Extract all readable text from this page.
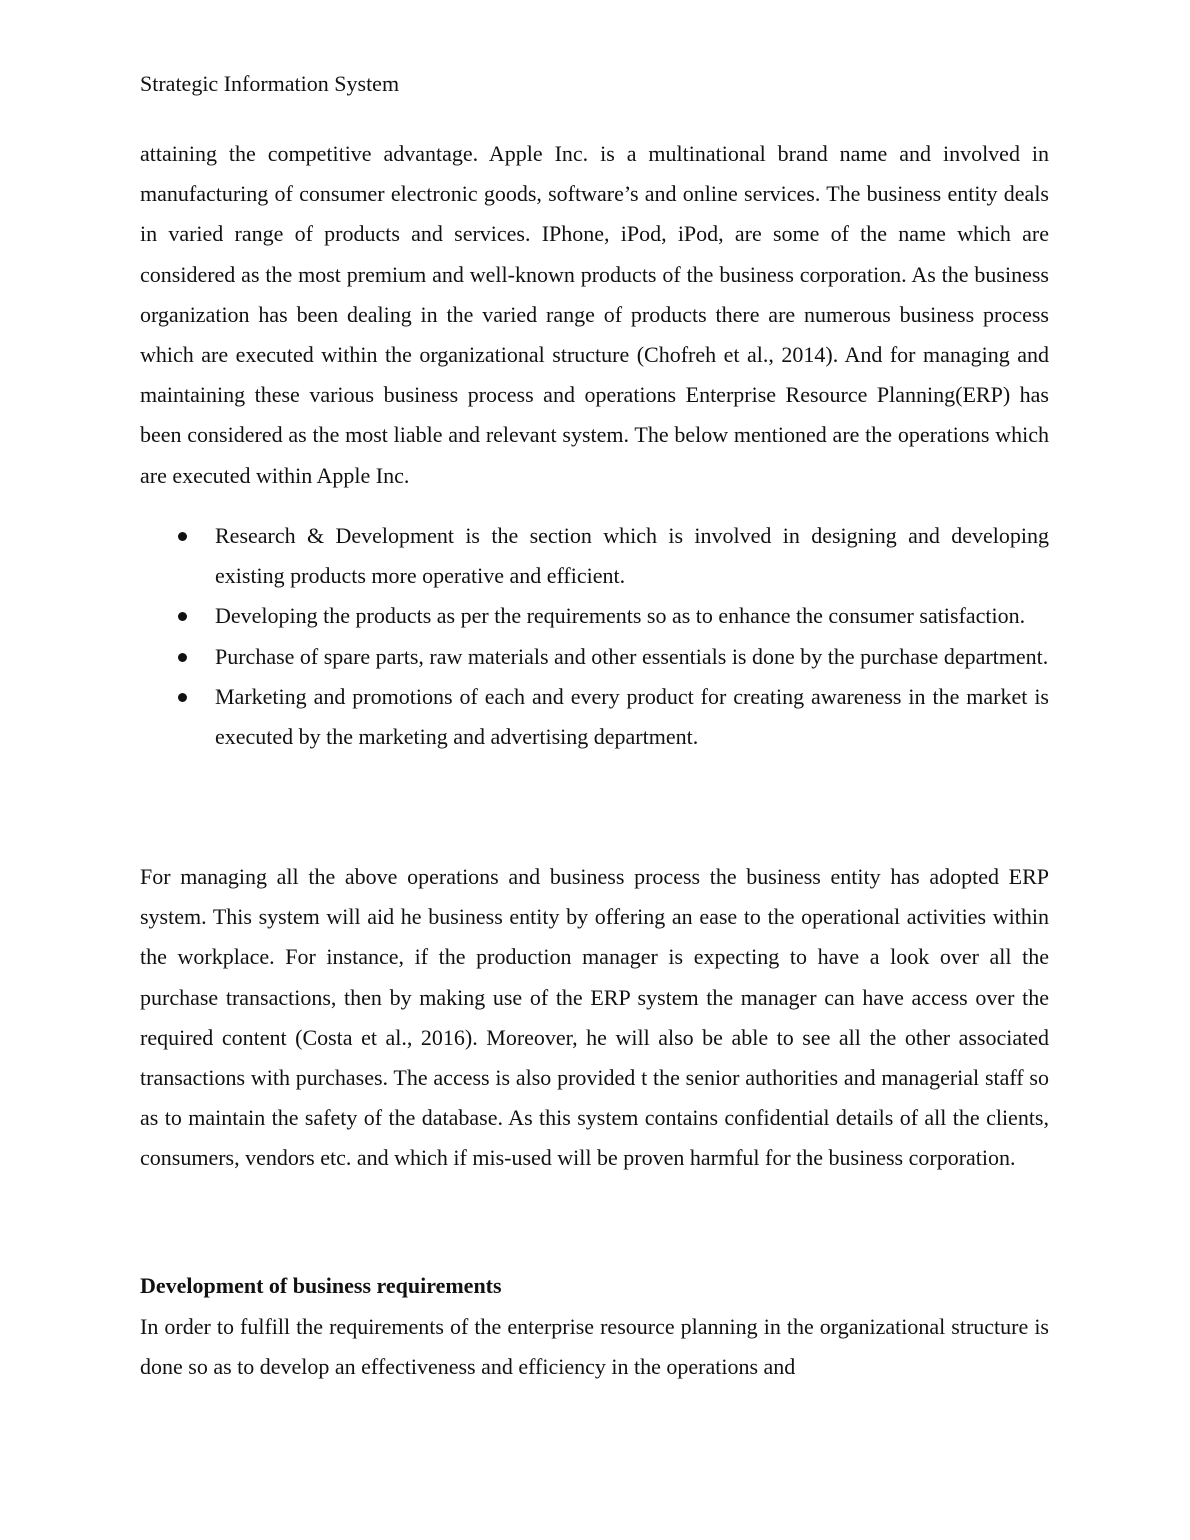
Strategic Information System

attaining the competitive advantage. Apple Inc. is a multinational brand name and involved in manufacturing of consumer electronic goods, software’s and online services. The business entity deals in varied range of products and services. IPhone, iPod, iPod, are some of the name which are considered as the most premium and well-known products of the business corporation. As the business organization has been dealing in the varied range of products there are numerous business process which are executed within the organizational structure (Chofreh et al., 2014). And for managing and maintaining these various business process and operations Enterprise Resource Planning(ERP) has been considered as the most liable and relevant system. The below mentioned are the operations which are executed within Apple Inc.

Research & Development is the section which is involved in designing and developing existing products more operative and efficient.
Developing the products as per the requirements so as to enhance the consumer satisfaction.
Purchase of spare parts, raw materials and other essentials is done by the purchase department.
Marketing and promotions of each and every product for creating awareness in the market is executed by the marketing and advertising department.

For managing all the above operations and business process the business entity has adopted ERP system. This system will aid he business entity by offering an ease to the operational activities within the workplace. For instance, if the production manager is expecting to have a look over all the purchase transactions, then by making use of the ERP system the manager can have access over the required content (Costa et al., 2016). Moreover, he will also be able to see all the other associated transactions with purchases. The access is also provided t the senior authorities and managerial staff so as to maintain the safety of the database. As this system contains confidential details of all the clients, consumers, vendors etc. and which if mis-used will be proven harmful for the business corporation.

Development of business requirements

In order to fulfill the requirements of the enterprise resource planning in the organizational structure is done so as to develop an effectiveness and efficiency in the operations and
